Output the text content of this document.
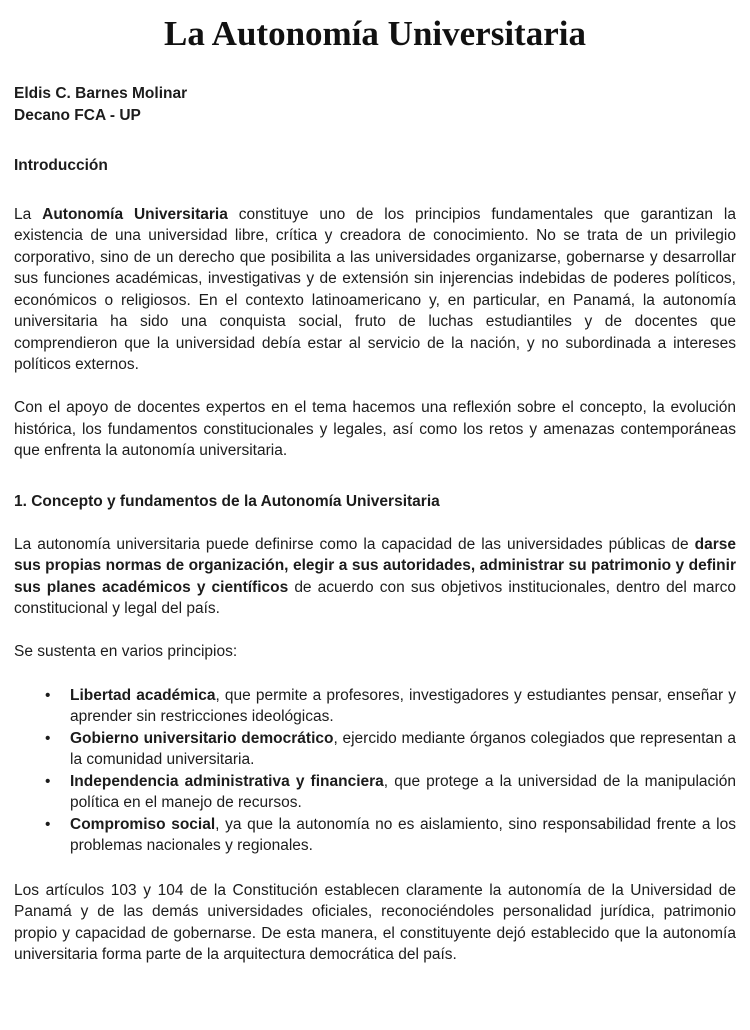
La Autonomía Universitaria

Eldis C. Barnes Molinar

Decano FCA - UP

Introducción

La Autonomía Universitaria constituye uno de los principios fundamentales que garantizan la existencia de una universidad libre, crítica y creadora de conocimiento. No se trata de un privilegio corporativo, sino de un derecho que posibilita a las universidades organizarse, gobernarse y desarrollar sus funciones académicas, investigativas y de extensión sin injerencias indebidas de poderes políticos, económicos o religiosos. En el contexto latinoamericano y, en particular, en Panamá, la autonomía universitaria ha sido una conquista social, fruto de luchas estudiantiles y de docentes que comprendieron que la universidad debía estar al servicio de la nación, y no subordinada a intereses políticos externos.

Con el apoyo de docentes expertos en el tema hacemos una reflexión sobre el concepto, la evolución histórica, los fundamentos constitucionales y legales, así como los retos y amenazas contemporáneas que enfrenta la autonomía universitaria.

1. Concepto y fundamentos de la Autonomía Universitaria

La autonomía universitaria puede definirse como la capacidad de las universidades públicas de darse sus propias normas de organización, elegir a sus autoridades, administrar su patrimonio y definir sus planes académicos y científicos de acuerdo con sus objetivos institucionales, dentro del marco constitucional y legal del país.

Se sustenta en varios principios:

• Libertad académica, que permite a profesores, investigadores y estudiantes pensar, enseñar y aprender sin restricciones ideológicas.
• Gobierno universitario democrático, ejercido mediante órganos colegiados que representan a la comunidad universitaria.
• Independencia administrativa y financiera, que protege a la universidad de la manipulación política en el manejo de recursos.
• Compromiso social, ya que la autonomía no es aislamiento, sino responsabilidad frente a los problemas nacionales y regionales.

Los artículos 103 y 104 de la Constitución establecen claramente la autonomía de la Universidad de Panamá y de las demás universidades oficiales, reconociéndoles personalidad jurídica, patrimonio propio y capacidad de gobernarse. De esta manera, el constituyente dejó establecido que la autonomía universitaria forma parte de la arquitectura democrática del país.
